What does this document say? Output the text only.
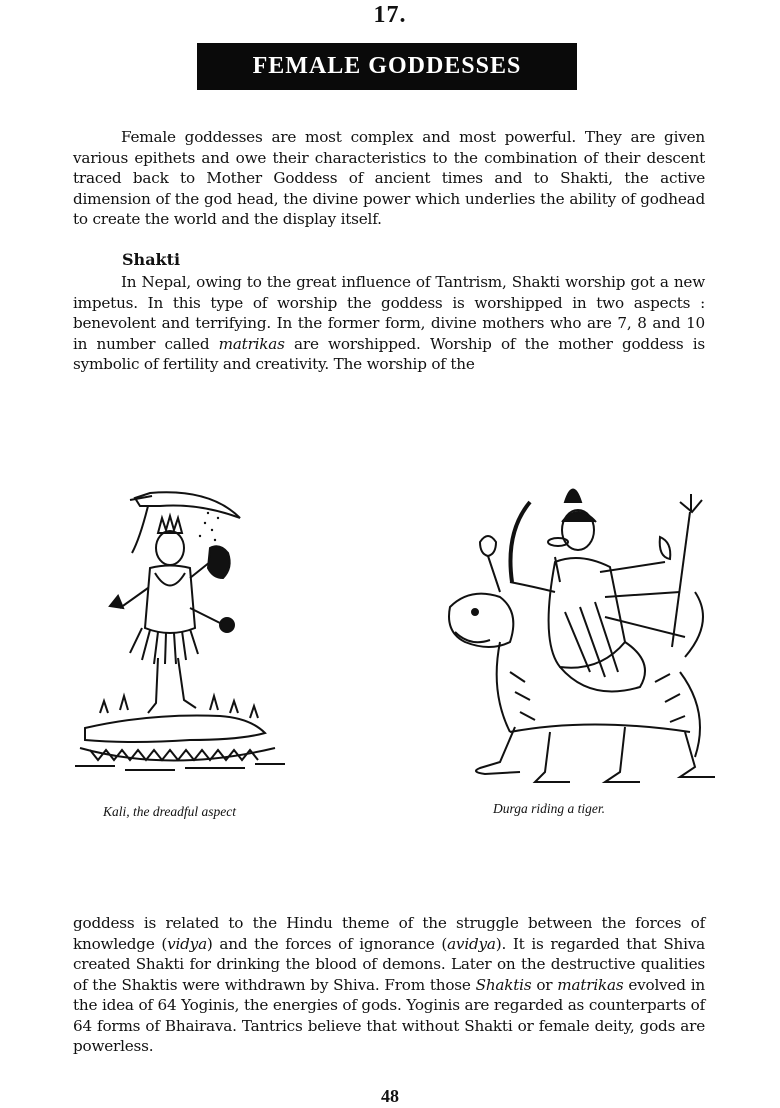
17.
FEMALE GODDESSES

Female goddesses are most complex and most powerful. They are given various epithets and owe their characteristics to the combination of their descent traced back to Mother Goddess of ancient times and to Shakti, the active dimension of the god head, the divine power which underlies the ability of godhead to create the world and the display itself.

Shakti

In Nepal, owing to the great influence of Tantrism, Shakti worship got a new impetus. In this type of worship the goddess is worshipped in two aspects : benevolent and terrifying. In the former form, divine mothers who are 7, 8 and 10 in number called matrikas are worshipped. Worship of the mother goddess is symbolic of fertility and creativity. The worship of the

Kali, the dreadful aspect	Durga riding a tiger.

goddess is related to the Hindu theme of the struggle between the forces of knowledge (vidya) and the forces of ignorance (avidya). It is regarded that Shiva created Shakti for drinking the blood of demons. Later on the destructive qualities of the Shaktis were withdrawn by Shiva. From those Shaktis or matrikas evolved in the idea of 64 Yoginis, the energies of gods. Yoginis are regarded as counterparts of 64 forms of Bhairava. Tantrics believe that without Shakti or female deity, gods are powerless.

48
